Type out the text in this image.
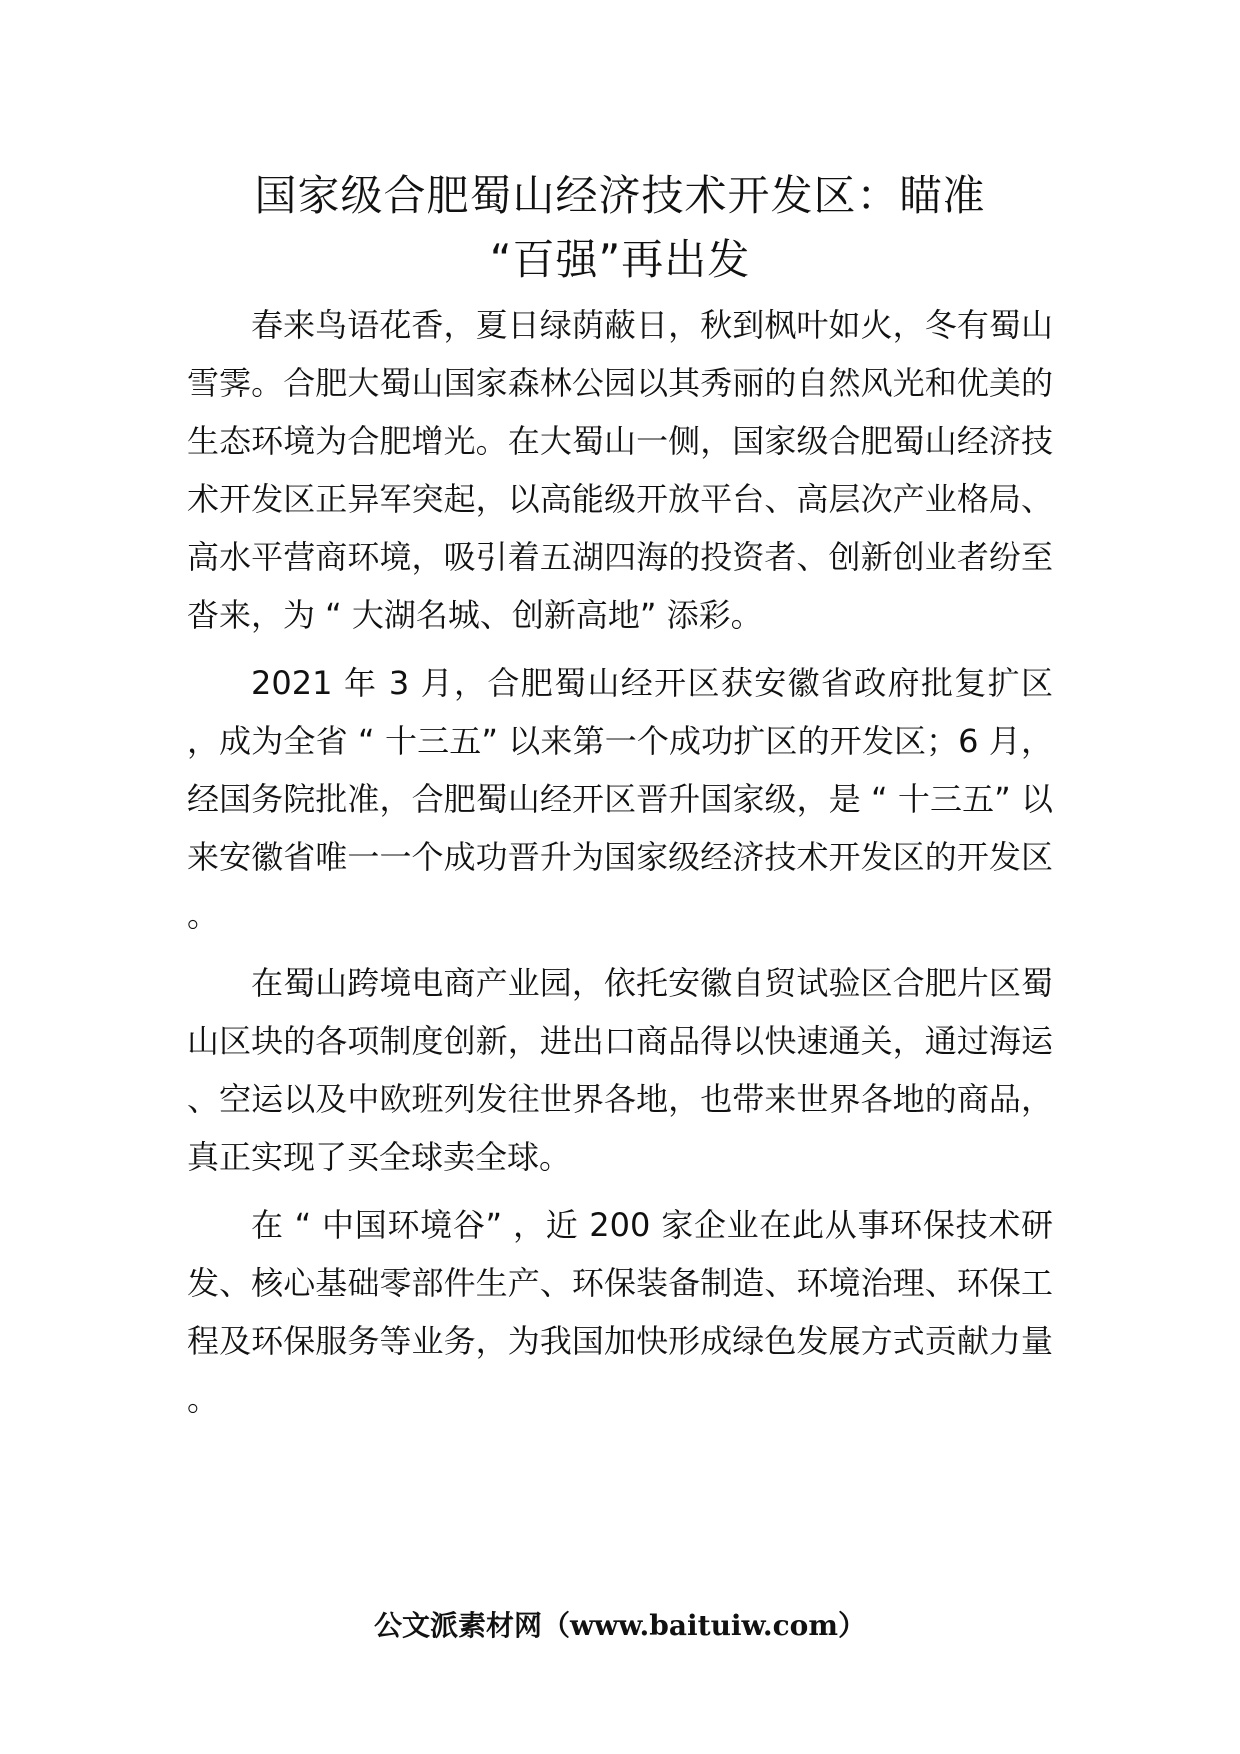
国家级合肥蜀山经济技术开发区：瞄准
“百强”再出发

春来鸟语花香，夏日绿荫蔽日，秋到枫叶如火，冬有蜀山雪霁。合肥大蜀山国家森林公园以其秀丽的自然风光和优美的生态环境为合肥增光。在大蜀山一侧，国家级合肥蜀山经济技术开发区正异军突起，以高能级开放平台、高层次产业格局、高水平营商环境，吸引着五湖四海的投资者、创新创业者纷至沓来，为 “ 大湖名城、创新高地” 添彩。

2021 年 3 月，合肥蜀山经开区获安徽省政府批复扩区，成为全省 “ 十三五” 以来第一个成功扩区的开发区；6 月，经国务院批准，合肥蜀山经开区晋升国家级，是 “ 十三五” 以来安徽省唯一一个成功晋升为国家级经济技术开发区的开发区。

在蜀山跨境电商产业园，依托安徽自贸试验区合肥片区蜀山区块的各项制度创新，进出口商品得以快速通关，通过海运、空运以及中欧班列发往世界各地，也带来世界各地的商品，真正实现了买全球卖全球。

在 “ 中国环境谷” ，近 200 家企业在此从事环保技术研发、核心基础零部件生产、环保装备制造、环境治理、环保工程及环保服务等业务，为我国加快形成绿色发展方式贡献力量。

公文派素材网（www.baituiw.com）
